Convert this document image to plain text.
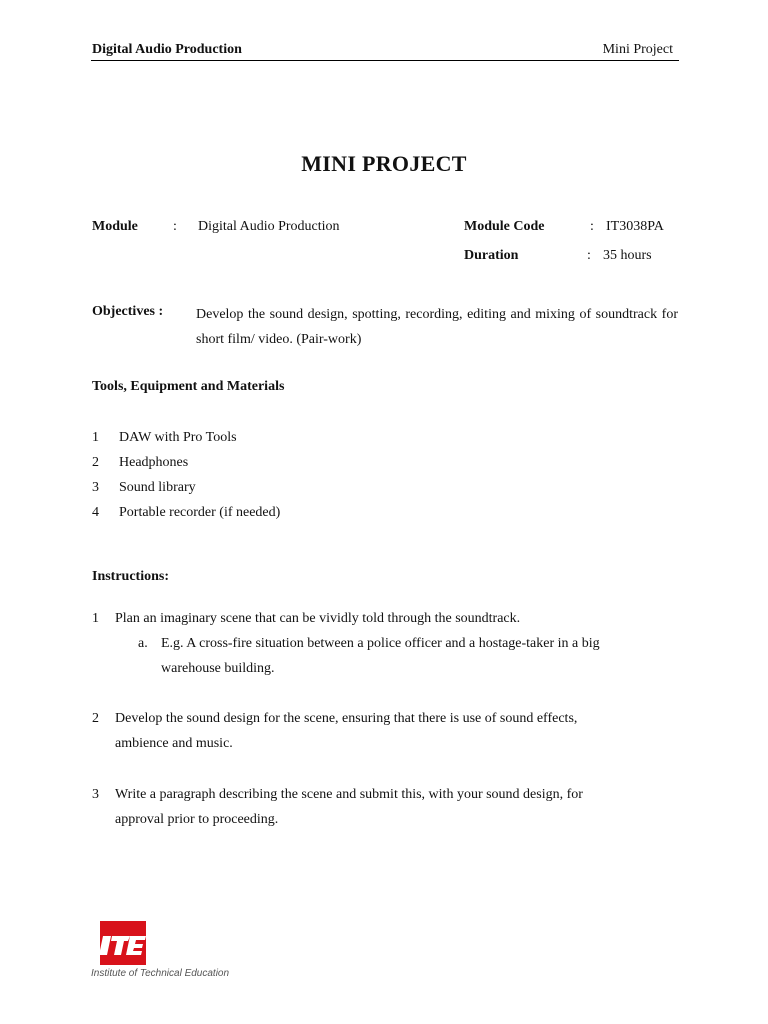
Digital Audio Production	Mini Project
MINI PROJECT
Module	: Digital Audio Production	Module Code	: IT3038PA
Duration	: 35 hours
Objectives : Develop the sound design, spotting, recording, editing and mixing of soundtrack for short film/ video. (Pair-work)
Tools, Equipment and Materials
1 DAW with Pro Tools
2 Headphones
3 Sound library
4 Portable recorder (if needed)
Instructions:
1 Plan an imaginary scene that can be vividly told through the soundtrack.
a. E.g. A cross-fire situation between a police officer and a hostage-taker in a big
warehouse building.
2 Develop the sound design for the scene, ensuring that there is use of sound effects,
ambience and music.
3 Write a paragraph describing the scene and submit this, with your sound design, for
approval prior to proceeding.
Institute of Technical Education
